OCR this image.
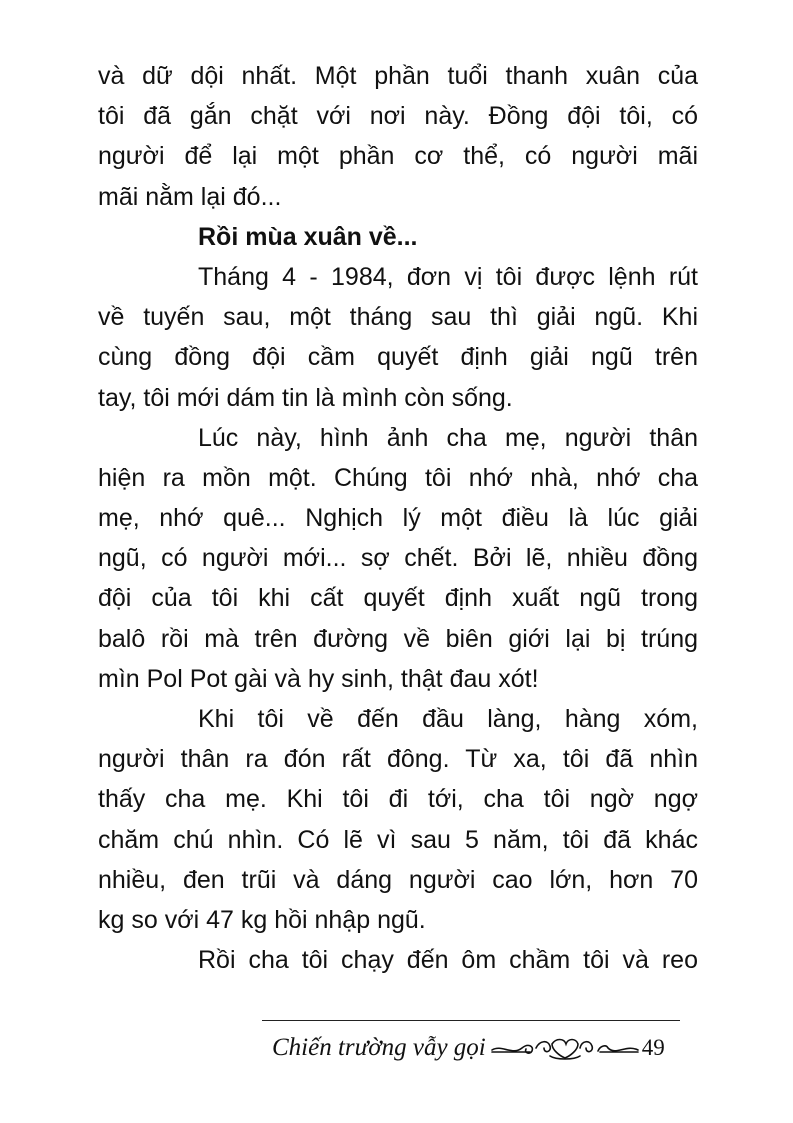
và dữ dội nhất. Một phần tuổi thanh xuân của
tôi đã gắn chặt với nơi này. Đồng đội tôi, có
người để lại một phần cơ thể, có người mãi
mãi nằm lại đó...
Rồi mùa xuân về...
Tháng 4 - 1984, đơn vị tôi được lệnh rút
về tuyến sau, một tháng sau thì giải ngũ. Khi
cùng đồng đội cầm quyết định giải ngũ trên
tay, tôi mới dám tin là mình còn sống.
Lúc này, hình ảnh cha mẹ, người thân
hiện ra mồn một. Chúng tôi nhớ nhà, nhớ cha
mẹ, nhớ quê... Nghịch lý một điều là lúc giải
ngũ, có người mới... sợ chết. Bởi lẽ, nhiều đồng
đội của tôi khi cất quyết định xuất ngũ trong
balô rồi mà trên đường về biên giới lại bị trúng
mìn Pol Pot gài và hy sinh, thật đau xót!
Khi tôi về đến đầu làng, hàng xóm,
người thân ra đón rất đông. Từ xa, tôi đã nhìn
thấy cha mẹ. Khi tôi đi tới, cha tôi ngờ ngợ
chăm chú nhìn. Có lẽ vì sau 5 năm, tôi đã khác
nhiều, đen trũi và dáng người cao lớn, hơn 70
kg so với 47 kg hồi nhập ngũ.
Rồi cha tôi chạy đến ôm chầm tôi và reo
Chiến trường vẫy gọi	49
